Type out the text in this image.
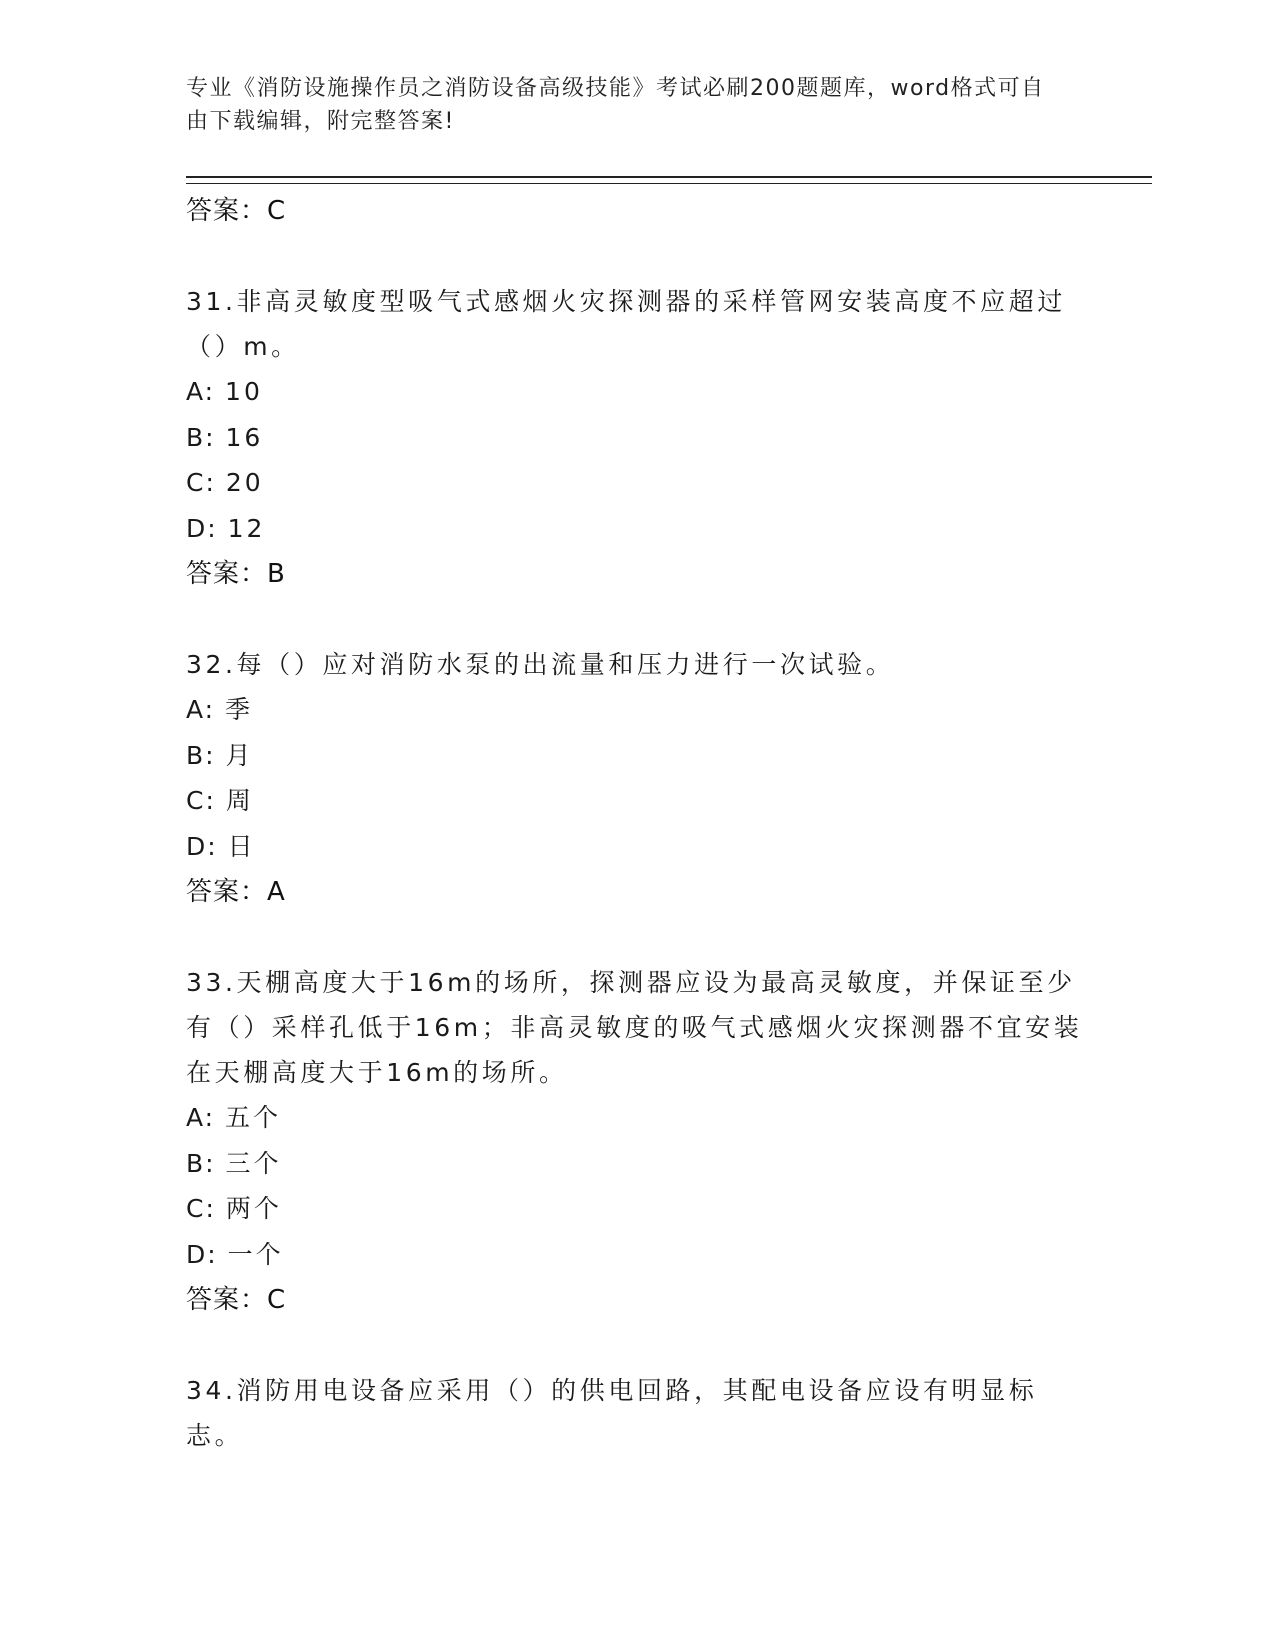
专业《消防设施操作员之消防设备高级技能》考试必刷200题题库，word格式可自由下载编辑，附完整答案!
答案：C
31.非高灵敏度型吸气式感烟火灾探测器的采样管网安装高度不应超过（）m。
A: 10
B: 16
C: 20
D: 12
答案：B
32.每（）应对消防水泵的出流量和压力进行一次试验。
A: 季
B: 月
C: 周
D: 日
答案：A
33.天棚高度大于16m的场所，探测器应设为最高灵敏度，并保证至少有（）采样孔低于16m；非高灵敏度的吸气式感烟火灾探测器不宜安装在天棚高度大于16m的场所。
A: 五个
B: 三个
C: 两个
D: 一个
答案：C
34.消防用电设备应采用（）的供电回路，其配电设备应设有明显标志。
